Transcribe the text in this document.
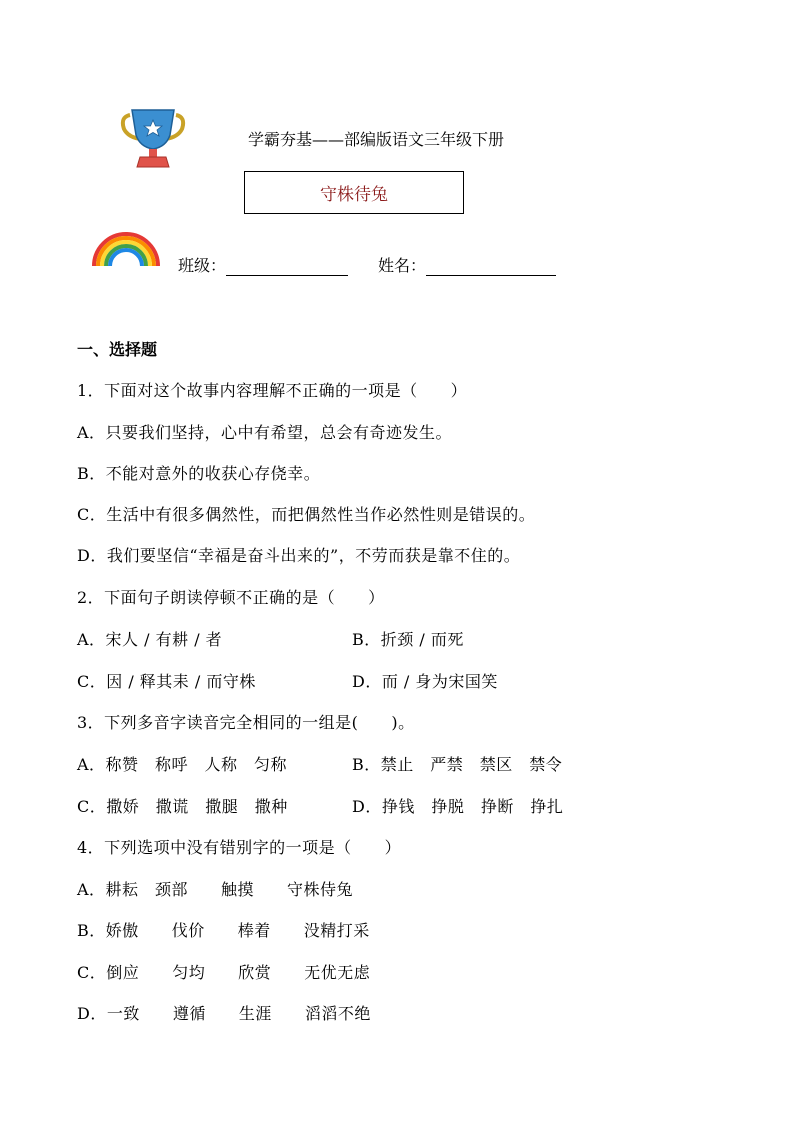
学霸夯基——部编版语文三年级下册
守株待兔
班级：	姓名：
一、选择题
1．下面对这个故事内容理解不正确的一项是（　　）
A．只要我们坚持，心中有希望，总会有奇迹发生。
B．不能对意外的收获心存侥幸。
C．生活中有很多偶然性，而把偶然性当作必然性则是错误的。
D．我们要坚信“幸福是奋斗出来的”，不劳而获是靠不住的。
2．下面句子朗读停顿不正确的是（　　）
A．宋人 / 有耕 / 者	B．折颈 / 而死
C．因 / 释其耒 / 而守株	D．而 / 身为宋国笑
3．下列多音字读音完全相同的一组是(　　)。
A．称赞　称呼　人称　匀称	B．禁止　严禁　禁区　禁令
C．撒娇　撒谎　撒腿　撒种	D．挣钱　挣脱　挣断　挣扎
4．下列选项中没有错别字的一项是（　　）
A．耕耘　颈部　　触摸　　守株侍兔
B．娇傲　　伐价　　棒着　　没精打采
C．倒应　　匀均　　欣赏　　无优无虑
D．一致　　遵循　　生涯　　滔滔不绝
